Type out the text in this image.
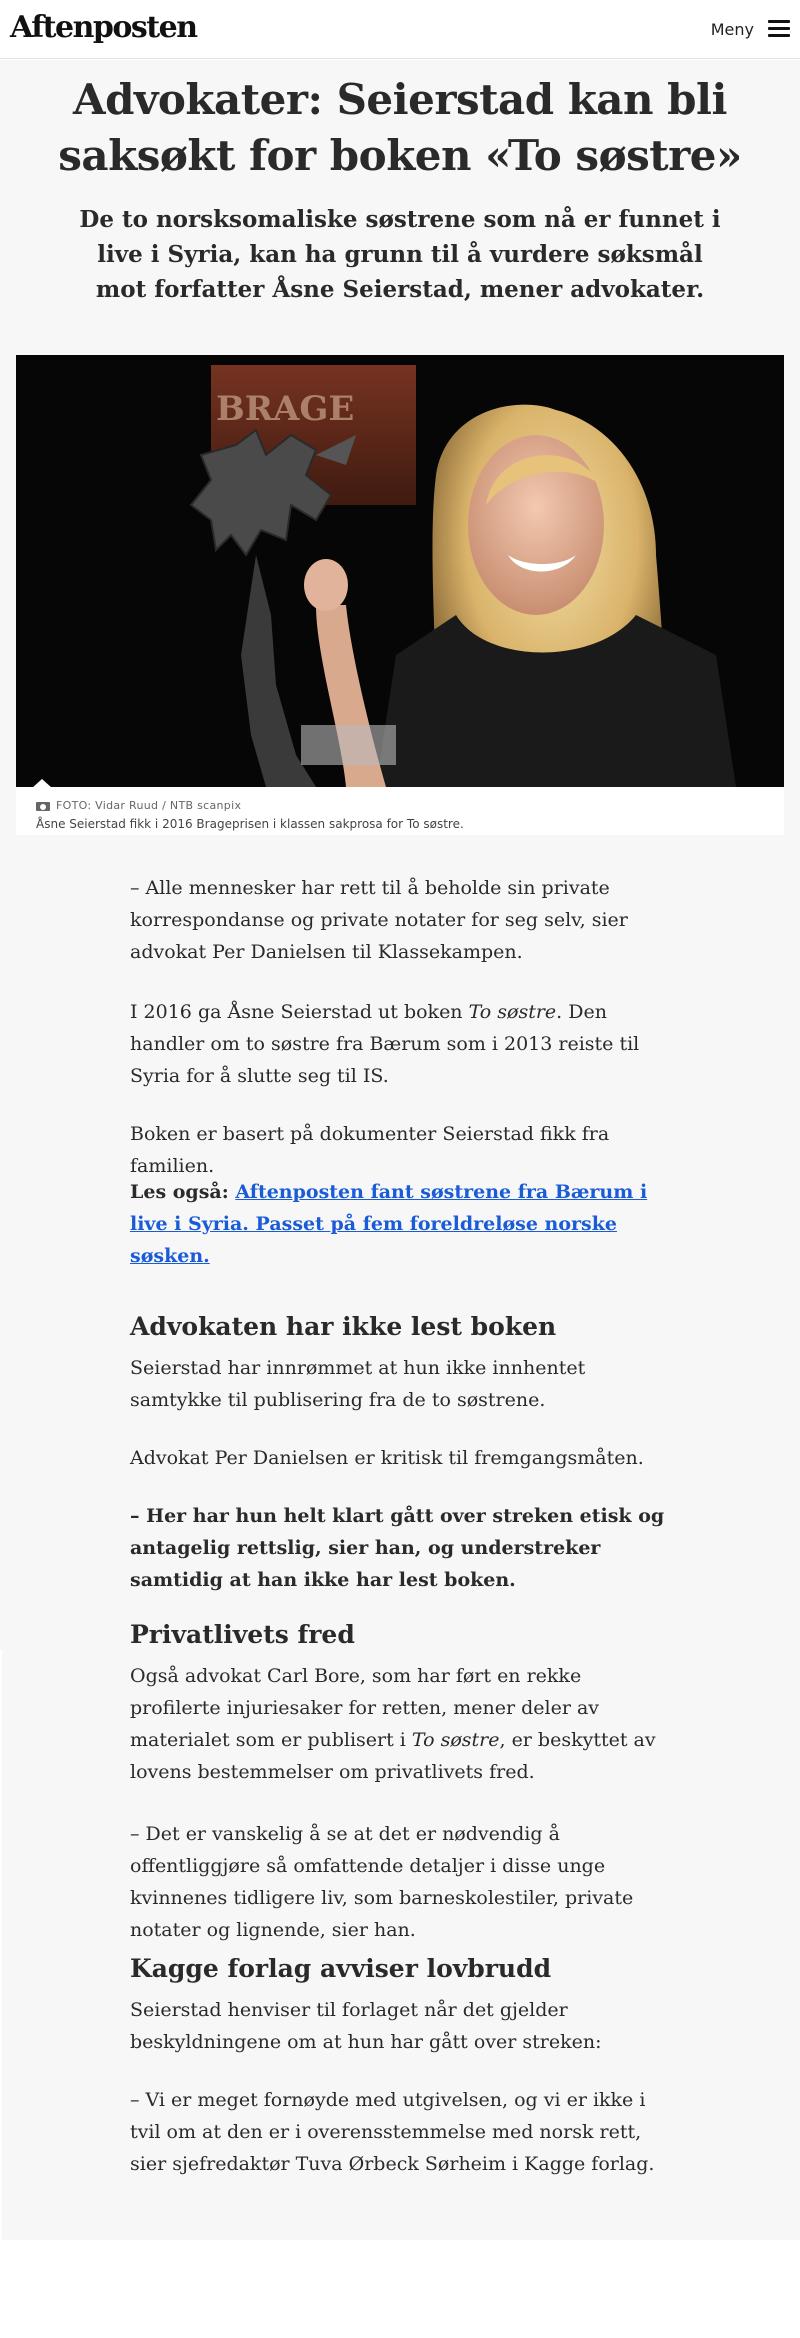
Aftenposten	Meny
Advokater: Seierstad kan bli saksøkt for boken «To søstre»

De to norsksomaliske søstrene som nå er funnet i live i Syria, kan ha grunn til å vurdere søksmål mot forfatter Åsne Seierstad, mener advokater.

BRAGE
FOTO: Vidar Ruud / NTB scanpix
Åsne Seierstad fikk i 2016 Brageprisen i klassen sakprosa for To søstre.

– Alle mennesker har rett til å beholde sin private korrespondanse og private notater for seg selv, sier advokat Per Danielsen til Klassekampen.

I 2016 ga Åsne Seierstad ut boken To søstre. Den handler om to søstre fra Bærum som i 2013 reiste til Syria for å slutte seg til IS.

Boken er basert på dokumenter Seierstad fikk fra familien.

Les også: Aftenposten fant søstrene fra Bærum i live i Syria. Passet på fem foreldreløse norske søsken.

Advokaten har ikke lest boken

Seierstad har innrømmet at hun ikke innhentet samtykke til publisering fra de to søstrene.

Advokat Per Danielsen er kritisk til fremgangsmåten.

– Her har hun helt klart gått over streken etisk og antagelig rettslig, sier han, og understreker samtidig at han ikke har lest boken.

Privatlivets fred

Også advokat Carl Bore, som har ført en rekke profilerte injuriesaker for retten, mener deler av materialet som er publisert i To søstre, er beskyttet av lovens bestemmelser om privatlivets fred.

– Det er vanskelig å se at det er nødvendig å offentliggjøre så omfattende detaljer i disse unge kvinnenes tidligere liv, som barneskolestiler, private notater og lignende, sier han.

Kagge forlag avviser lovbrudd

Seierstad henviser til forlaget når det gjelder beskyldningene om at hun har gått over streken:

– Vi er meget fornøyde med utgivelsen, og vi er ikke i tvil om at den er i overensstemmelse med norsk rett, sier sjefredaktør Tuva Ørbeck Sørheim i Kagge forlag.
